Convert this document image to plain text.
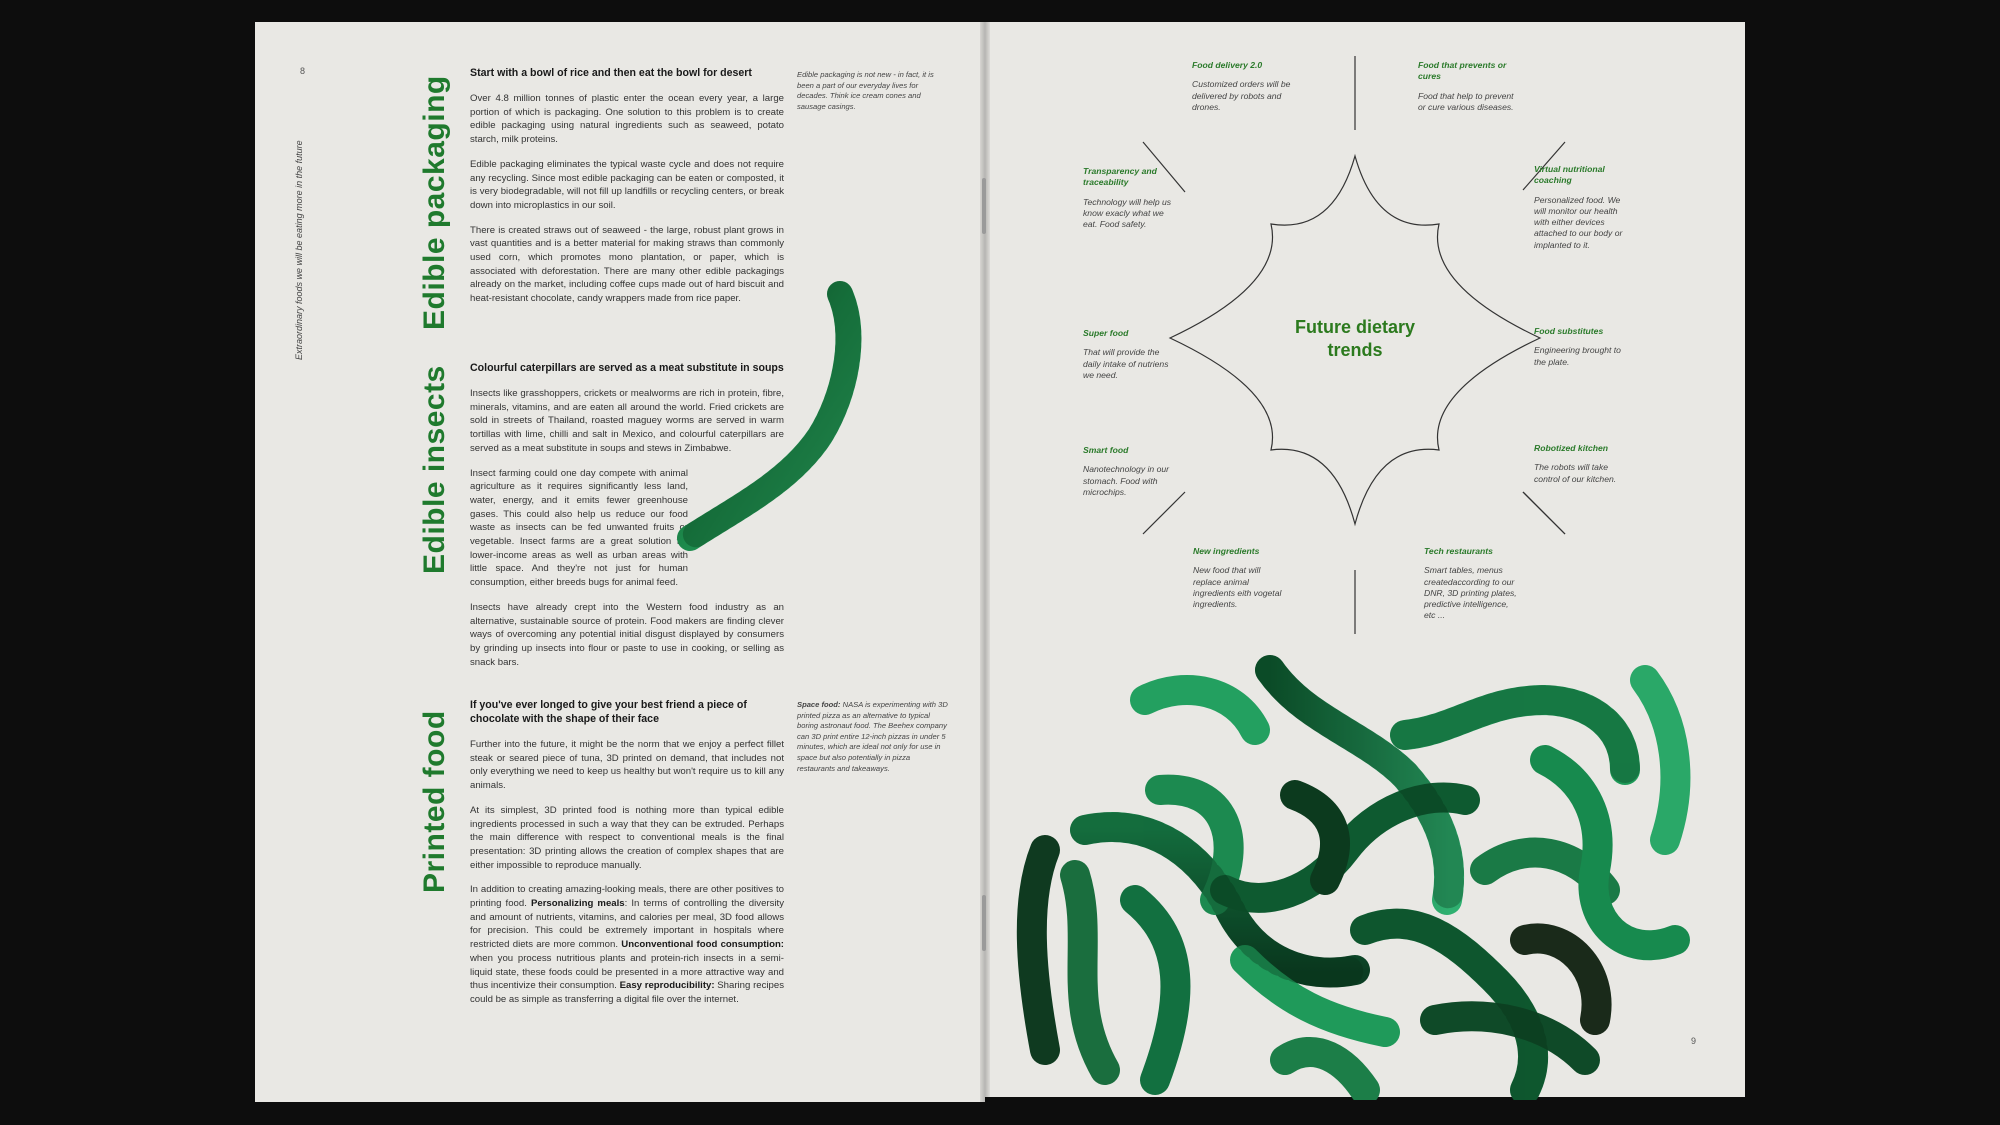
8
Extraordinary foods we will be eating more in the future	Edible packaging
Edible insects
Printed food
Start with a bowl of rice and then eat the bowl for desert

Over 4.8 million tonnes of plastic enter the ocean every year, a large portion of which is packaging. One solution to this problem is to create edible packaging using natural ingredients such as seaweed, potato starch, milk proteins.

Edible packaging eliminates the typical waste cycle and does not require any recycling. Since most edible packaging can be eaten or composted, it is very biodegradable, will not fill up landfills or recycling centers, or break down into microplastics in our soil.

There is created straws out of seaweed - the large, robust plant grows in vast quantities and is a better material for making straws than commonly used corn, which promotes mono plantation, or paper, which is associated with deforestation. There are many other edible packagings already on the market, including coffee cups made out of hard biscuit and heat-resistant chocolate, candy wrappers made from rice paper.

Edible packaging is not new - in fact, it is been a part of our everyday lives for decades. Think ice cream cones and sausage casings.
Colourful caterpillars are served as a meat substitute in soups

Insects like grasshoppers, crickets or mealworms are rich in protein, fibre, minerals, vitamins, and are eaten all around the world. Fried crickets are sold in streets of Thailand, roasted maguey worms are served in warm tortillas with lime, chilli and salt in Mexico, and colourful caterpillars are served as a meat substitute in soups and stews in Zimbabwe.

Insect farming could one day compete with animal agriculture as it requires significantly less land, water, energy, and it emits fewer greenhouse gases. This could also help us reduce our food waste as insects can be fed unwanted fruits or vegetable. Insect farms are a great solution for lower-income areas as well as urban areas with little space. And they're not just for human consumption, either breeds bugs for animal feed.

Insects have already crept into the Western food industry as an alternative, sustainable source of protein. Food makers are finding clever ways of overcoming any potential initial disgust displayed by consumers by grinding up insects into flour or paste to use in cooking, or selling as snack bars.

If you've ever longed to give your best friend a piece of chocolate with the shape of their face

Further into the future, it might be the norm that we enjoy a perfect fillet steak or seared piece of tuna, 3D printed on demand, that includes not only everything we need to keep us healthy but won't require us to kill any animals.

At its simplest, 3D printed food is nothing more than typical edible ingredients processed in such a way that they can be extruded. Perhaps the main difference with respect to conventional meals is the final presentation: 3D printing allows the creation of complex shapes that are either impossible to reproduce manually.

In addition to creating amazing-looking meals, there are other positives to printing food. Personalizing meals: In terms of controlling the diversity and amount of nutrients, vitamins, and calories per meal, 3D food allows for precision. This could be extremely important in hospitals where restricted diets are more common. Unconventional food consumption: when you process nutritious plants and protein-rich insects in a semi-liquid state, these foods could be presented in a more attractive way and thus incentivize their consumption. Easy reproducibility: Sharing recipes could be as simple as transferring a digital file over the internet.

Space food: NASA is experimenting with 3D printed pizza as an alternative to typical boring astronaut food. The Beehex company can 3D print entire 12-inch pizzas in under 5 minutes, which are ideal not only for use in space but also potentially in pizza restaurants and takeaways.
Future dietary trends
Food delivery 2.0
Customized orders will be delivered by robots and drones.
Food that prevents or cures
Food that help to prevent or cure various diseases.
Transparency and traceability
Technology will help us know exacly what we eat. Food safety.
Virtual nutritional coaching
Personalized food. We will monitor our health with either devices attached to our body or implanted to it.
Super food
That will provide the daily intake of nutriens we need.
Food substitutes
Engineering brought to the plate.
Smart food
Nanotechnology in our stomach. Food with microchips.
Robotized kitchen
The robots will take control of our kitchen.
New ingredients
New food that will replace animal ingredients eith vogetal ingredients.
Tech restaurants
Smart tables, menus createdaccording to our DNR, 3D printing plates, predictive intelligence, etc ...
9
